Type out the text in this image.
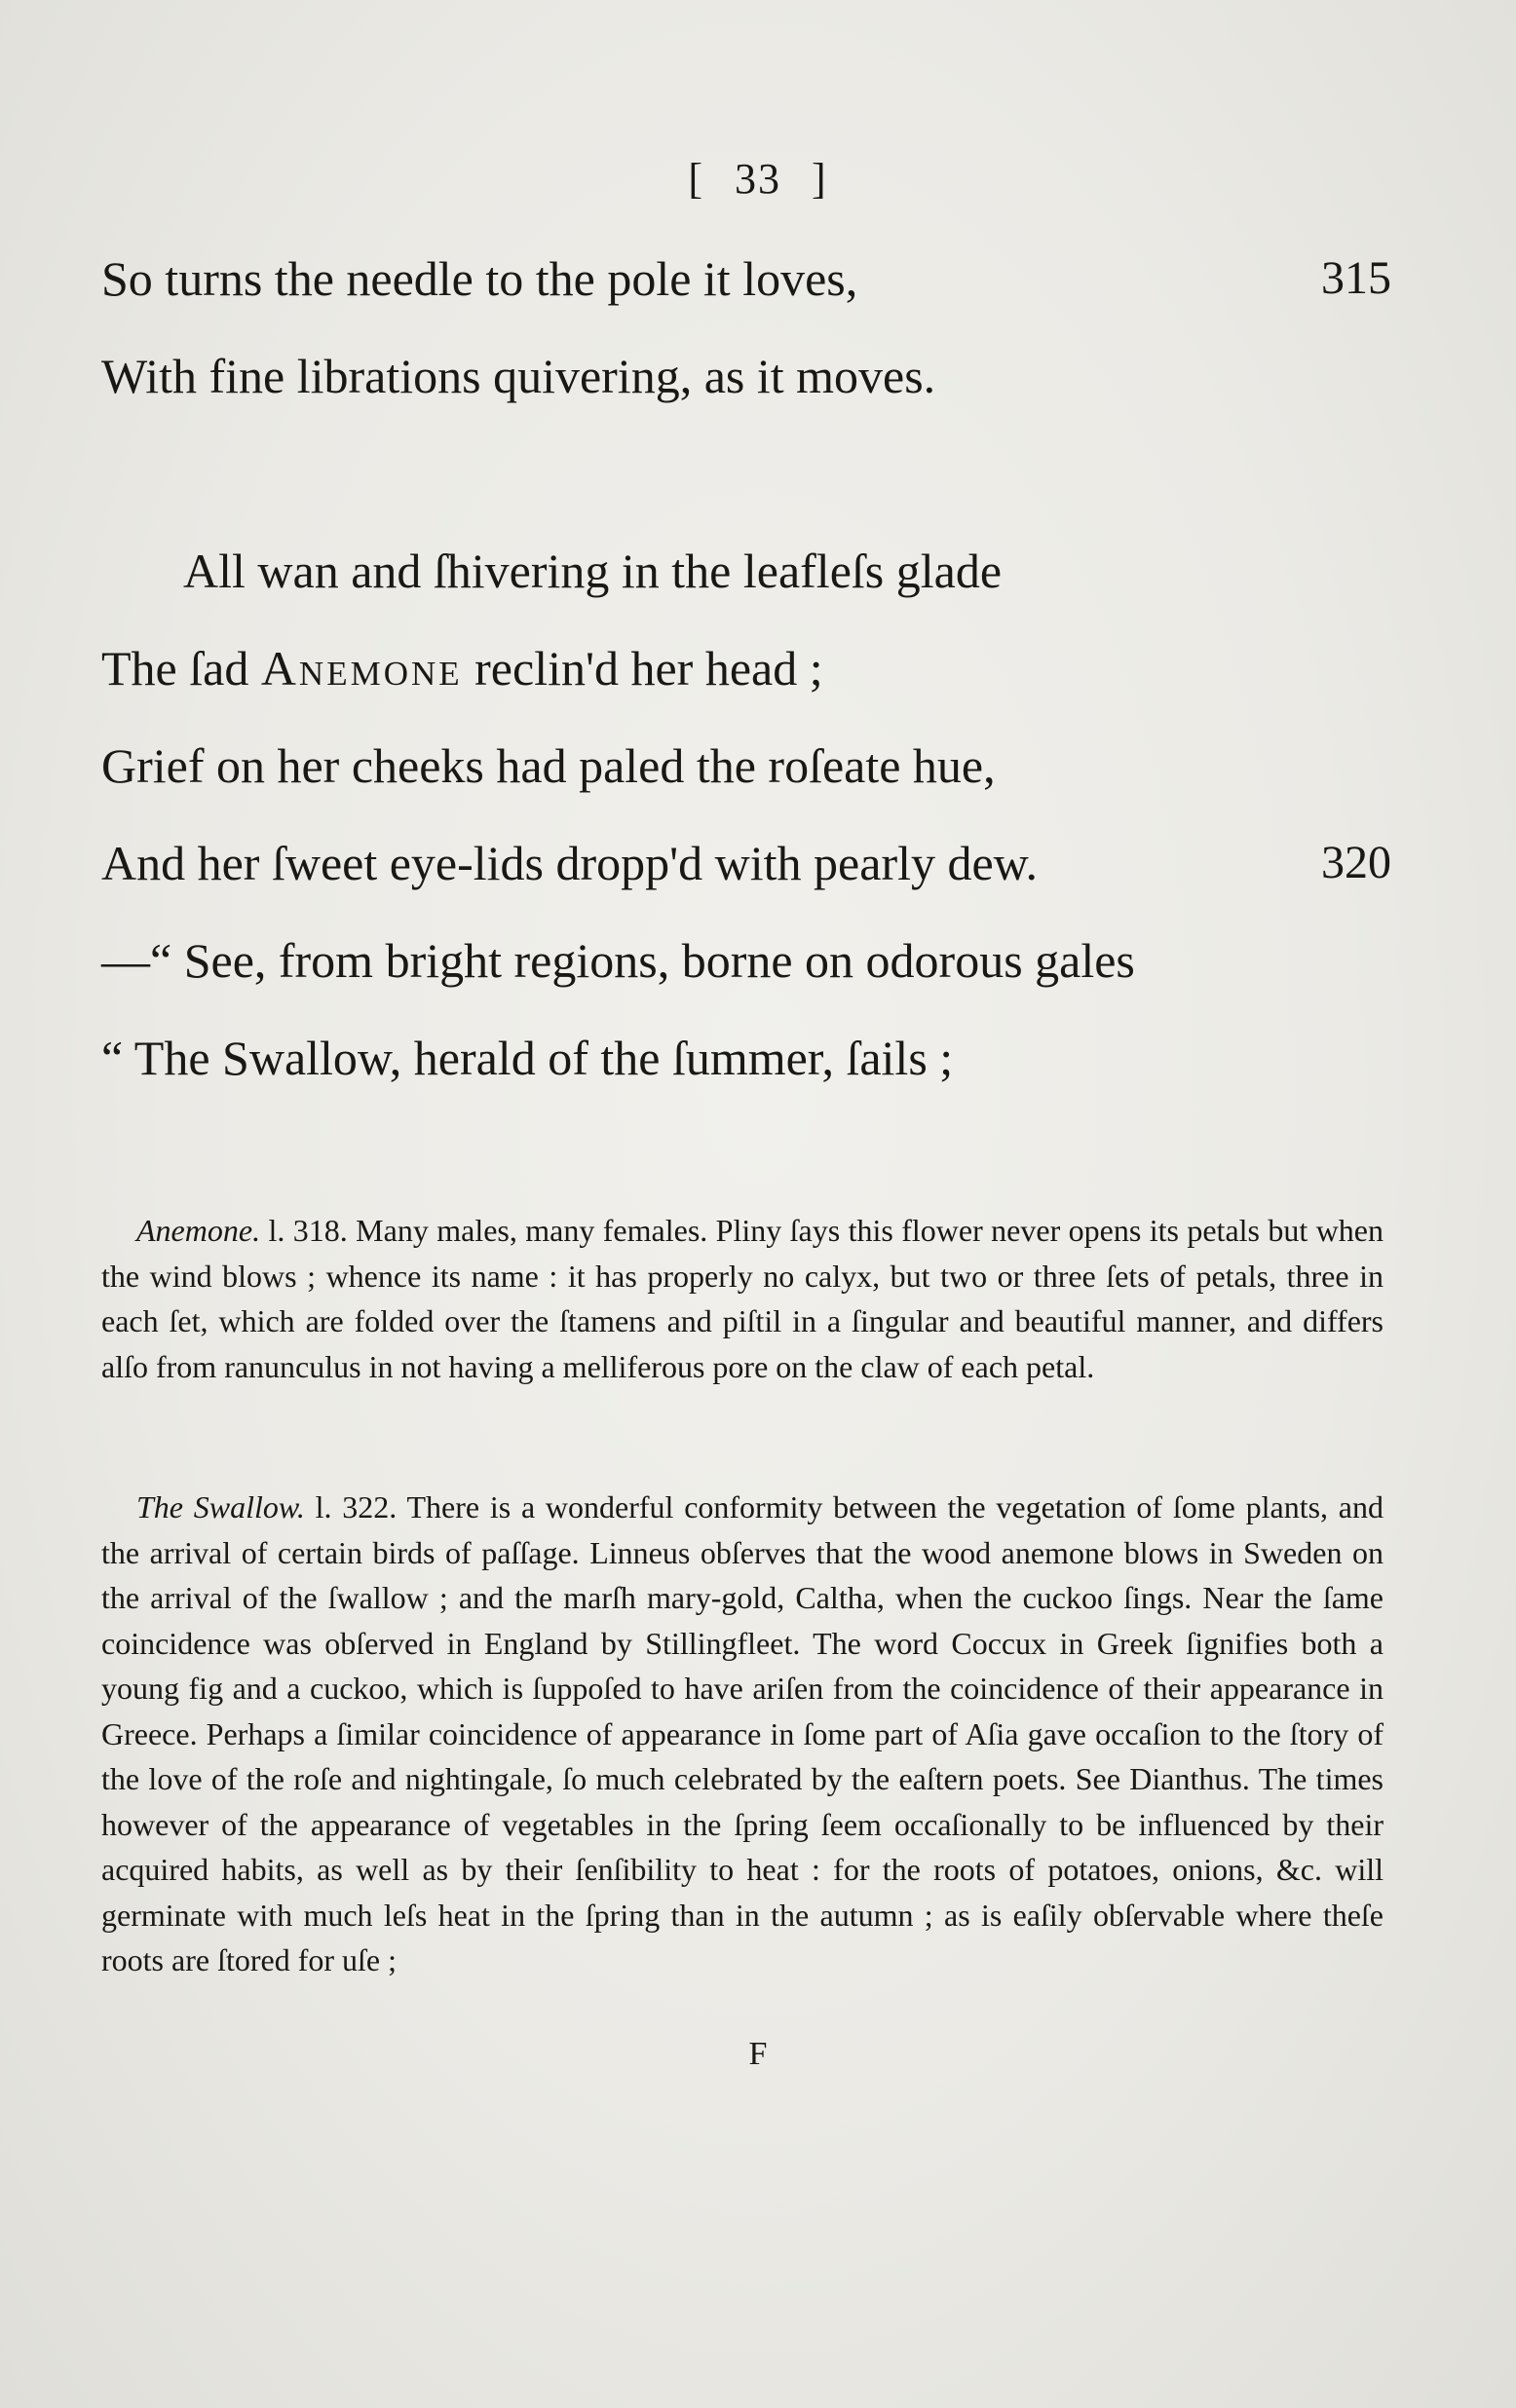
[ 33 ]
So turns the needle to the pole it loves,	315
With fine librations quivering, as it moves.
All wan and ſhivering in the leafleſs glade
The ſad Anemone reclin'd her head ;
Grief on her cheeks had paled the roſeate hue,
And her ſweet eye-lids dropp'd with pearly dew.	320
—“ See, from bright regions, borne on odorous gales
“ The Swallow, herald of the ſummer, ſails ;

Anemone. l. 318. Many males, many females. Pliny ſays this flower never opens its petals but when the wind blows ; whence its name : it has properly no calyx, but two or three ſets of petals, three in each ſet, which are folded over the ſtamens and piſtil in a ſingular and beautiful manner, and differs alſo from ranunculus in not having a melliferous pore on the claw of each petal.

The Swallow. l. 322. There is a wonderful conformity between the vegetation of ſome plants, and the arrival of certain birds of paſſage. Linneus obſerves that the wood anemone blows in Sweden on the arrival of the ſwallow ; and the marſh mary-gold, Caltha, when the cuckoo ſings. Near the ſame coincidence was obſerved in England by Stillingfleet. The word Coccux in Greek ſignifies both a young fig and a cuckoo, which is ſuppoſed to have ariſen from the coincidence of their appearance in Greece. Perhaps a ſimilar coincidence of appearance in ſome part of Aſia gave occaſion to the ſtory of the love of the roſe and nightingale, ſo much celebrated by the eaſtern poets. See Dianthus. The times however of the appearance of vegetables in the ſpring ſeem occaſionally to be influenced by their acquired habits, as well as by their ſenſibility to heat : for the roots of potatoes, onions, &c. will germinate with much leſs heat in the ſpring than in the autumn ; as is eaſily obſervable where theſe roots are ſtored for uſe ;

F
